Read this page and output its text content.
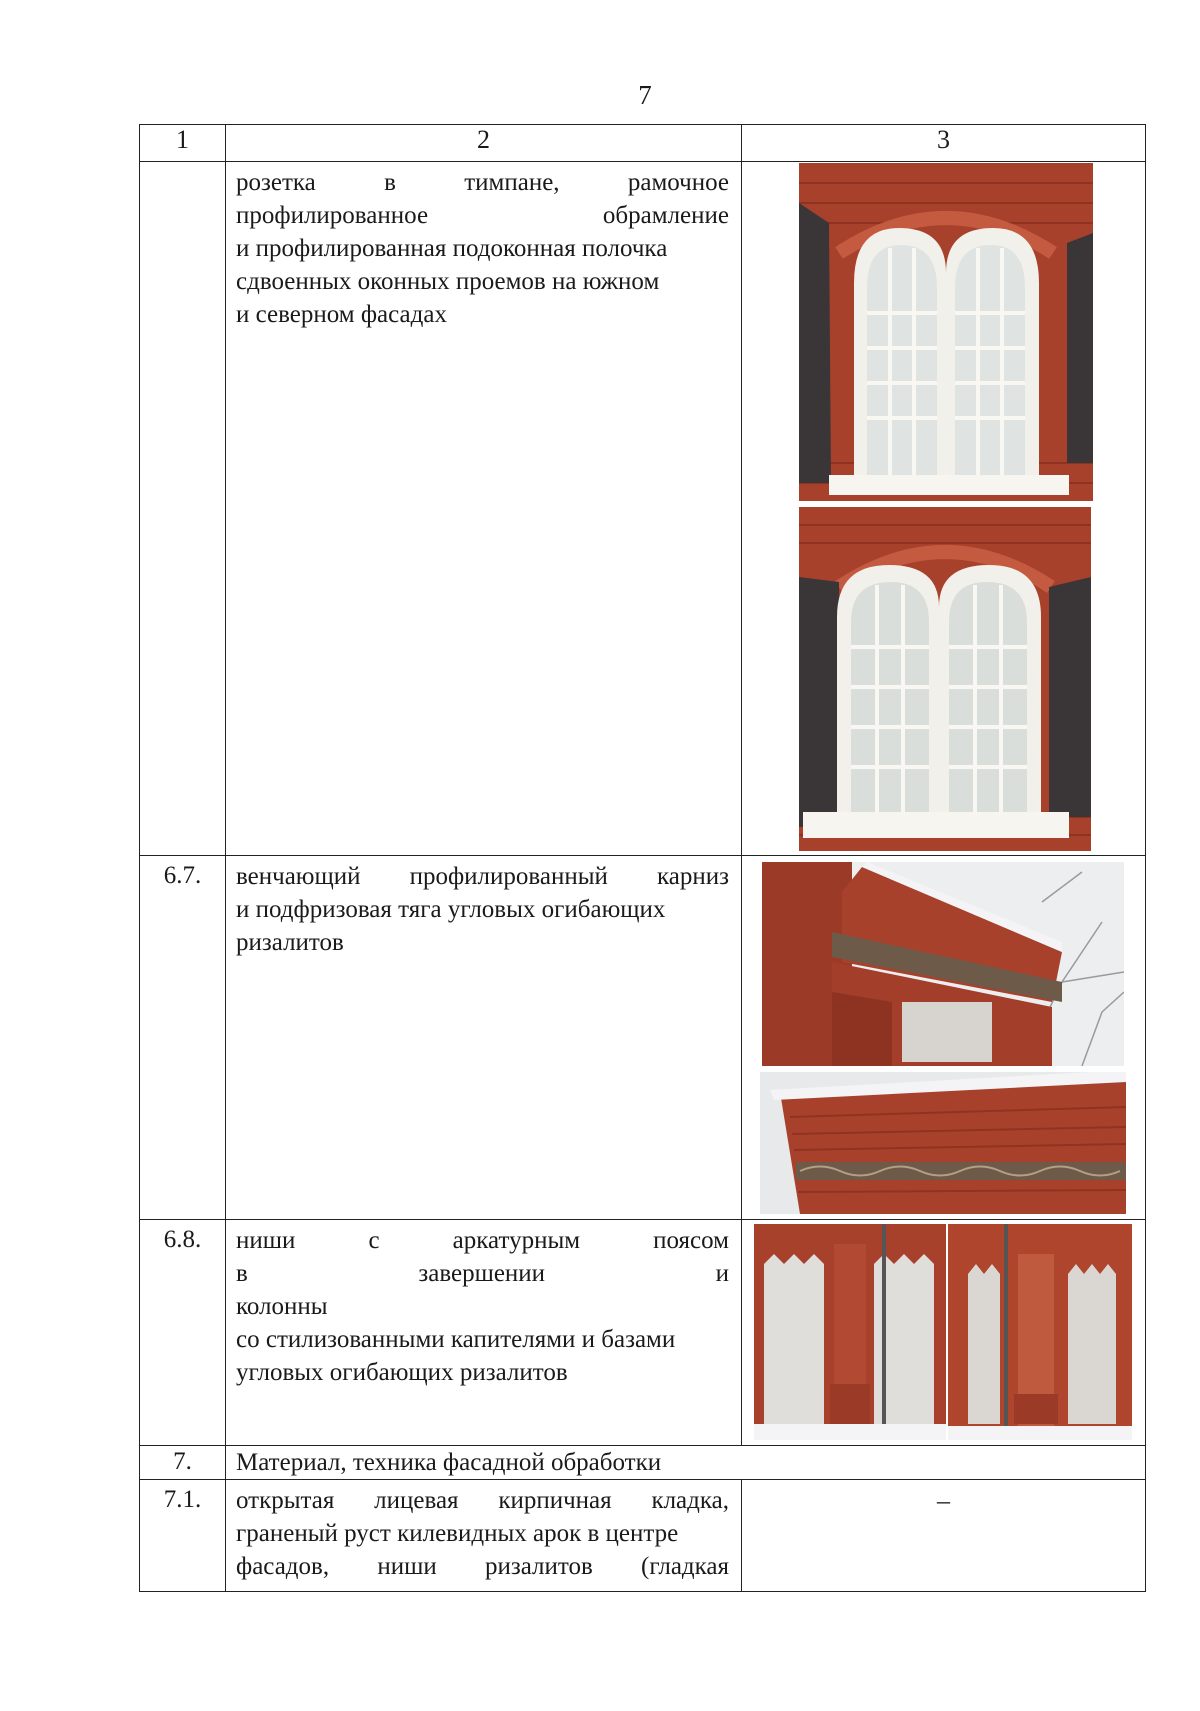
7
1	2	3

	розетка в тимпане, рамочное
профилированное обрамление
и профилированная подоконная полочка
сдвоенных оконных проемов на южном
и северном фасадах

6.7.	венчающий профилированный карниз
и подфризовая тяга угловых огибающих
ризалитов

6.8.	ниши с аркатурным поясом
в завершении и колонны
со стилизованными капителями и базами
угловых огибающих ризалитов

7.	Материал, техника фасадной обработки	
7.1.	открытая лицевая кирпичная кладка,
граненый руст килевидных арок в центре
фасадов, ниши ризалитов (гладкая	–
